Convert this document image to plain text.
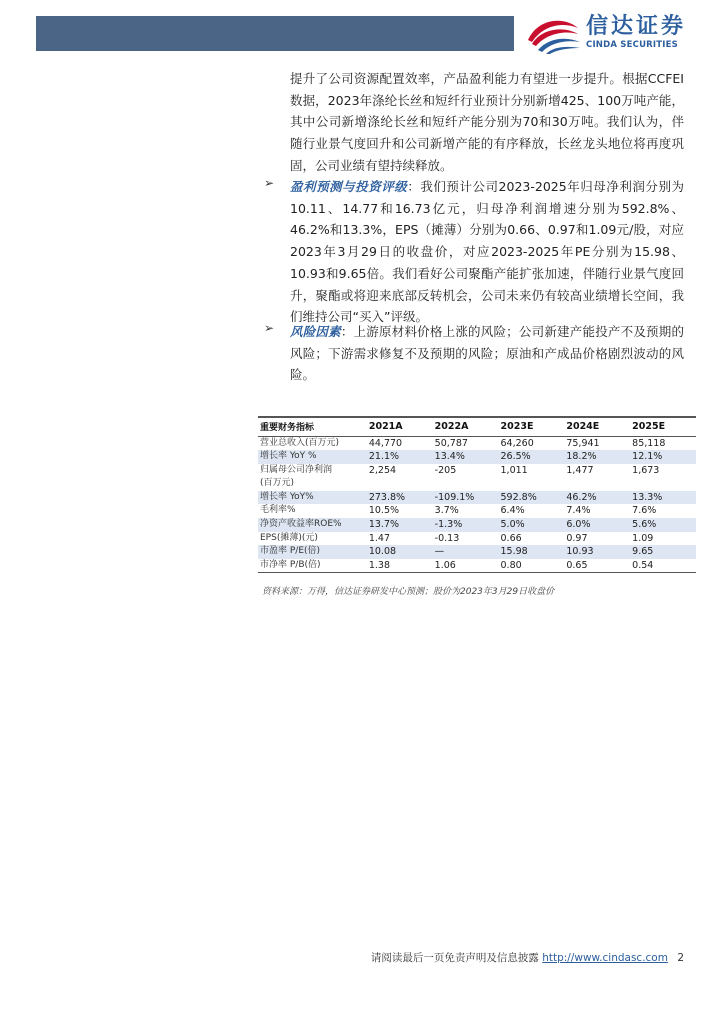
信达证券
CINDA SECURITIES
提升了公司资源配置效率，产品盈利能力有望进一步提升。根据CCFEI数据，2023年涤纶长丝和短纤行业预计分别新增425、100万吨产能，其中公司新增涤纶长丝和短纤产能分别为70和30万吨。我们认为，伴随行业景气度回升和公司新增产能的有序释放，长丝龙头地位将再度巩固，公司业绩有望持续释放。
➢ 盈利预测与投资评级：我们预计公司2023-2025年归母净利润分别为10.11、14.77和16.73亿元，归母净利润增速分别为592.8%、46.2%和13.3%，EPS（摊薄）分别为0.66、0.97和1.09元/股，对应2023年3月29日的收盘价，对应2023-2025年PE分别为15.98、10.93和9.65倍。我们看好公司聚酯产能扩张加速，伴随行业景气度回升，聚酯或将迎来底部反转机会，公司未来仍有较高业绩增长空间，我们维持公司“买入”评级。
➢ 风险因素：上游原材料价格上涨的风险；公司新建产能投产不及预期的风险；下游需求修复不及预期的风险；原油和产成品价格剧烈波动的风险。
重要财务指标	2021A	2022A	2023E	2024E	2025E
营业总收入(百万元)	44,770	50,787	64,260	75,941	85,118
增长率 YoY %	21.1%	13.4%	26.5%	18.2%	12.1%
归属母公司净利润	2,254	-205	1,011	1,477	1,673
(百万元)					
增长率 YoY%	273.8%	-109.1%	592.8%	46.2%	13.3%
毛利率%	10.5%	3.7%	6.4%	7.4%	7.6%
净资产收益率ROE%	13.7%	-1.3%	5.0%	6.0%	5.6%
EPS(摊薄)(元)	1.47	-0.13	0.66	0.97	1.09
市盈率 P/E(倍)	10.08	—	15.98	10.93	9.65
市净率 P/B(倍)	1.38	1.06	0.80	0.65	0.54
资料来源：万得，信达证券研发中心预测；股价为2023年3月29日收盘价
请阅读最后一页免责声明及信息披露 http://www.cindasc.com 2
